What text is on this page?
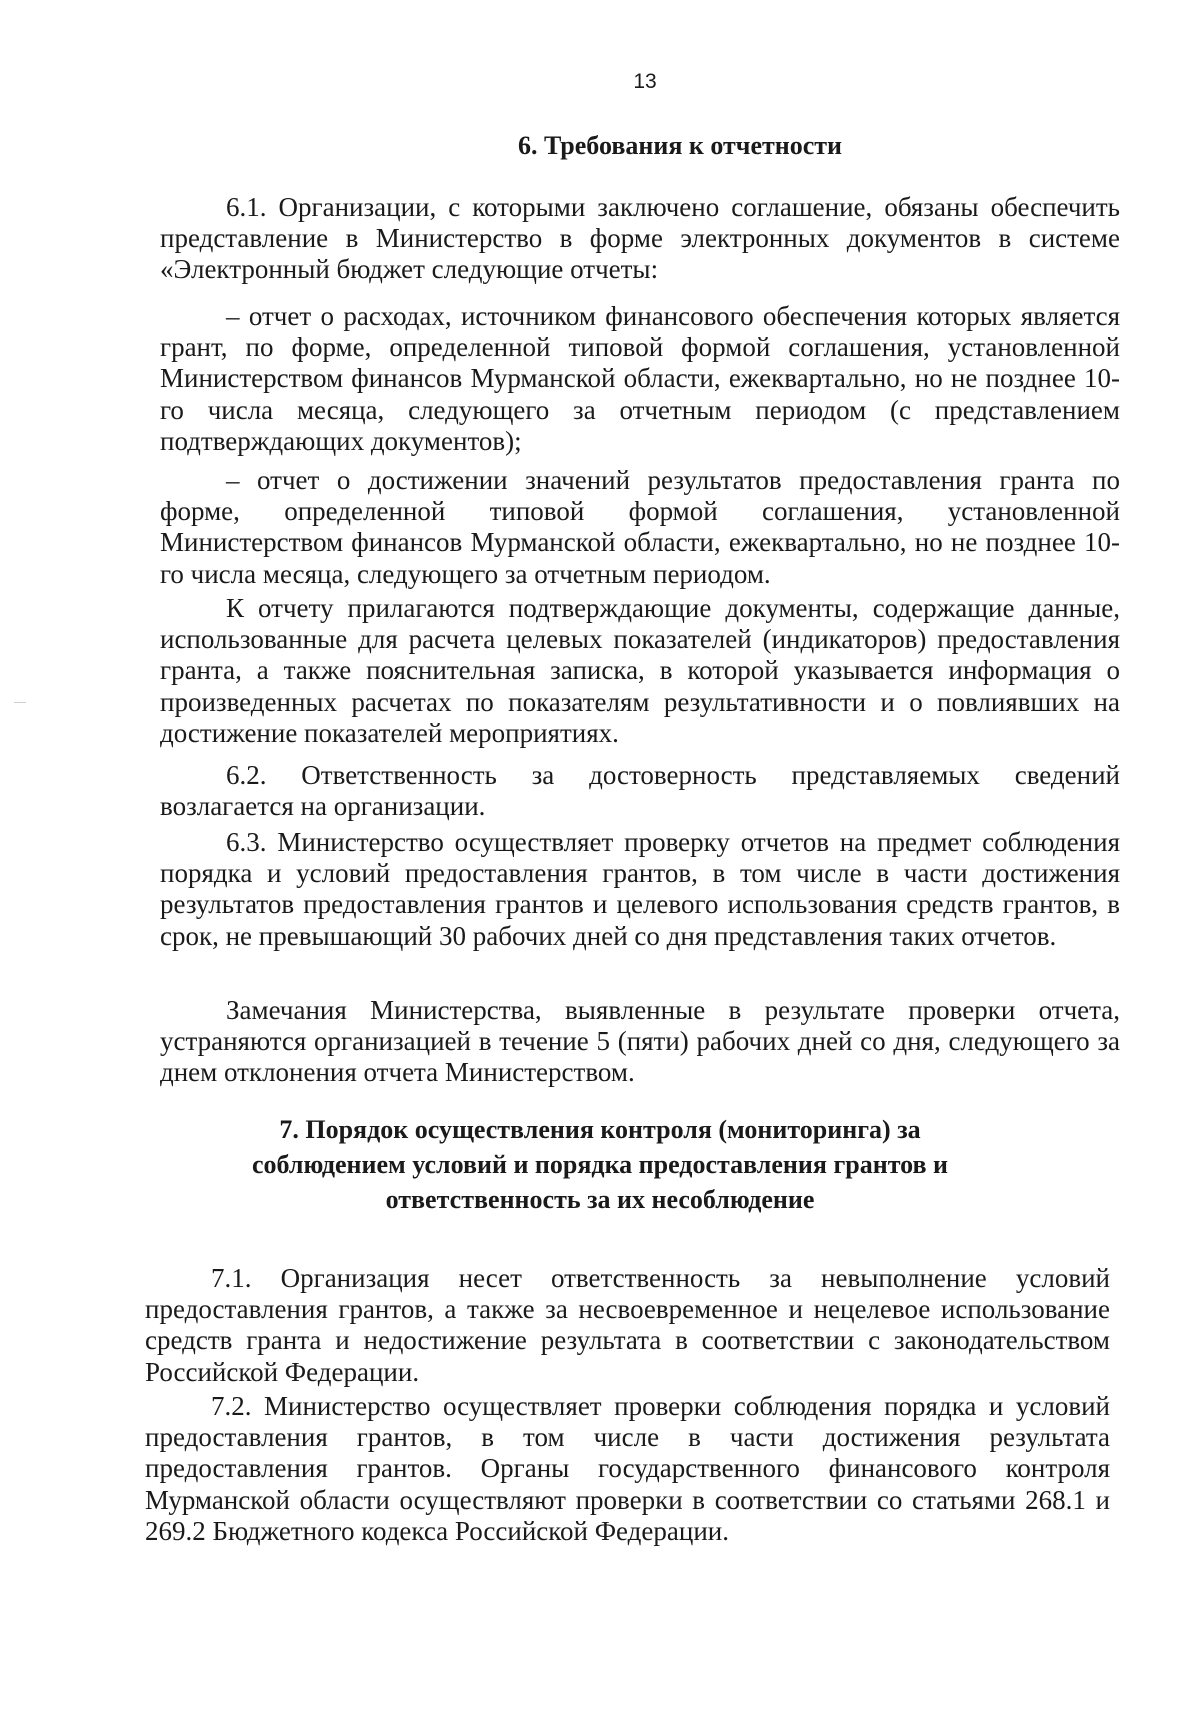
13
6. Требования к отчетности

6.1. Организации, с которыми заключено соглашение, обязаны обеспечить представление в Министерство в форме электронных документов в системе «Электронный бюджет следующие отчеты:

– отчет о расходах, источником финансового обеспечения которых является грант, по форме, определенной типовой формой соглашения, установленной Министерством финансов Мурманской области, ежеквартально, но не позднее 10-го числа месяца, следующего за отчетным периодом (с представлением подтверждающих документов);

– отчет о достижении значений результатов предоставления гранта по форме, определенной типовой формой соглашения, установленной Министерством финансов Мурманской области, ежеквартально, но не позднее 10-го числа месяца, следующего за отчетным периодом.

К отчету прилагаются подтверждающие документы, содержащие данные, использованные для расчета целевых показателей (индикаторов) предоставления гранта, а также пояснительная записка, в которой указывается информация о произведенных расчетах по показателям результативности и о повлиявших на достижение показателей мероприятиях.

6.2. Ответственность за достоверность представляемых сведений возлагается на организации.

6.3. Министерство осуществляет проверку отчетов на предмет соблюдения порядка и условий предоставления грантов, в том числе в части достижения результатов предоставления грантов и целевого использования средств грантов, в срок, не превышающий 30 рабочих дней со дня представления таких отчетов.

Замечания Министерства, выявленные в результате проверки отчета, устраняются организацией в течение 5 (пяти) рабочих дней со дня, следующего за днем отклонения отчета Министерством.

7. Порядок осуществления контроля (мониторинга) за
соблюдением условий и порядка предоставления грантов и
ответственность за их несоблюдение

7.1. Организация несет ответственность за невыполнение условий предоставления грантов, а также за несвоевременное и нецелевое использование средств гранта и недостижение результата в соответствии с законодательством Российской Федерации.

7.2. Министерство осуществляет проверки соблюдения порядка и условий предоставления грантов, в том числе в части достижения результата предоставления грантов. Органы государственного финансового контроля Мурманской области осуществляют проверки в соответствии со статьями 268.1 и 269.2 Бюджетного кодекса Российской Федерации.
